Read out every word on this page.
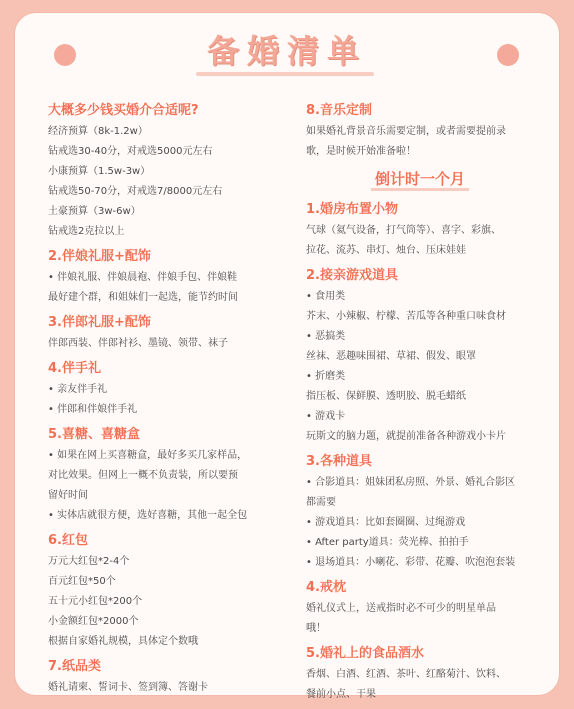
备婚清单
大概多少钱买婚介合适呢?
经济预算（8k-1.2w）
钻戒选30-40分，对戒选5000元左右
小康预算（1.5w-3w）
钻戒选50-70分，对戒选7/8000元左右
土豪预算（3w-6w）
钻戒选2克拉以上
2.伴娘礼服+配饰
• 伴娘礼服、伴娘晨袍、伴娘手包、伴娘鞋
最好建个群，和姐妹们一起选，能节约时间
3.伴郎礼服+配饰
伴郎西装、伴郎衬衫、墨镜、领带、袜子
4.伴手礼
• 亲友伴手礼
• 伴郎和伴娘伴手礼
5.喜糖、喜糖盒
• 如果在网上买喜糖盒，最好多买几家样品，
对比效果。但网上一概不负责装，所以要预
留好时间
• 实体店就很方便，选好喜糖，其他一起全包
6.红包
万元大红包*2-4个
百元红包*50个
五十元小红包*200个
小金额红包*2000个
根据自家婚礼规模，具体定个数哦
7.纸品类
婚礼请柬、誓词卡、签到簿、答谢卡
8.音乐定制
如果婚礼背景音乐需要定制，或者需要提前录
歌，是时候开始准备啦！
倒计时一个月
1.婚房布置小物
气球（氦气设备，打气筒等）、喜字、彩旗、
拉花、流苏、串灯、烛台、压床娃娃
2.接亲游戏道具
• 食用类
芥末、小辣椒、柠檬、苦瓜等各种重口味食材
• 恶搞类
丝袜、恶趣味围裙、草裙、假发、眼罩
• 折磨类
指压板、保鲜膜、透明胶、脱毛蜡纸
• 游戏卡
玩斯文的脑力题，就提前准备各种游戏小卡片
3.各种道具
• 合影道具：姐妹团私房照、外景、婚礼合影区
都需要
• 游戏道具：比如套圈圈、过绳游戏
• After party道具：荧光棒、拍拍手
• 退场道具：小喇花、彩带、花瓣、吹泡泡套装
4.戒枕
婚礼仪式上，送戒指时必不可少的明星单品
哦！
5.婚礼上的食品酒水
香烟、白酒、红酒、茶叶、红酪菊汁、饮料、
餐前小点、干果
